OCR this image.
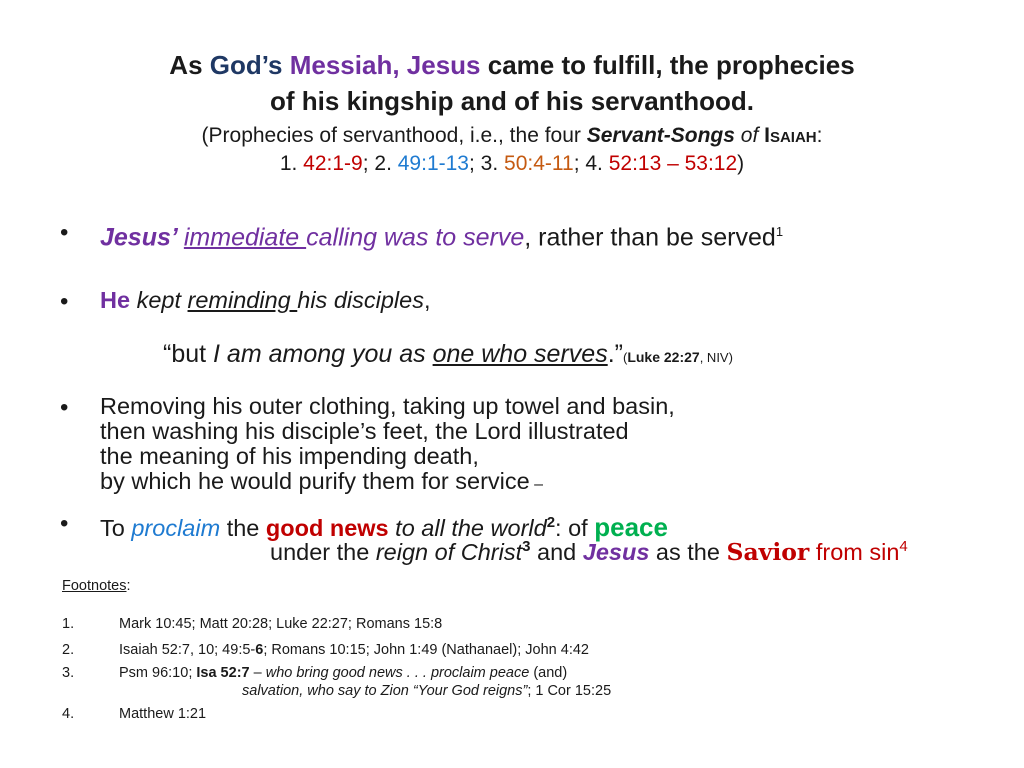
As God’s Messiah, Jesus came to fulfill, the prophecies
of his kingship and of his servanthood.
(Prophecies of servanthood, i.e., the four Servant-Songs of Isaiah:
1. 42:1-9; 2. 49:1-13; 3. 50:4-11; 4. 52:13 – 53:12)
• Jesus’ immediate calling was to serve, rather than be served$^1$
• He kept reminding his disciples,
“but I am among you as one who serves.”(Luke 22:27, NIV)
• Removing his outer clothing, taking up towel and basin,
then washing his disciple’s feet, the Lord illustrated
the meaning of his impending death,
by which he would purify them for service –
• To proclaim the good news to all the world$^2$: of peace
under the reign of Christ$^3$ and Jesus as the Savior from $\sin^4$
Footnotes:
1.	Mark 10:45; Matt 20:28; Luke 22:27; Romans 15:8
2.	Isaiah 52:7, 10; 49:5-6; Romans 10:15; John 1:49 (Nathanael); John 4:42
3.	Psm 96:10; Isa 52:7 – who bring good news . . . proclaim peace (and)
salvation, who say to Zion “Your God reigns”; 1 Cor 15:25
4.	Matthew 1:21
